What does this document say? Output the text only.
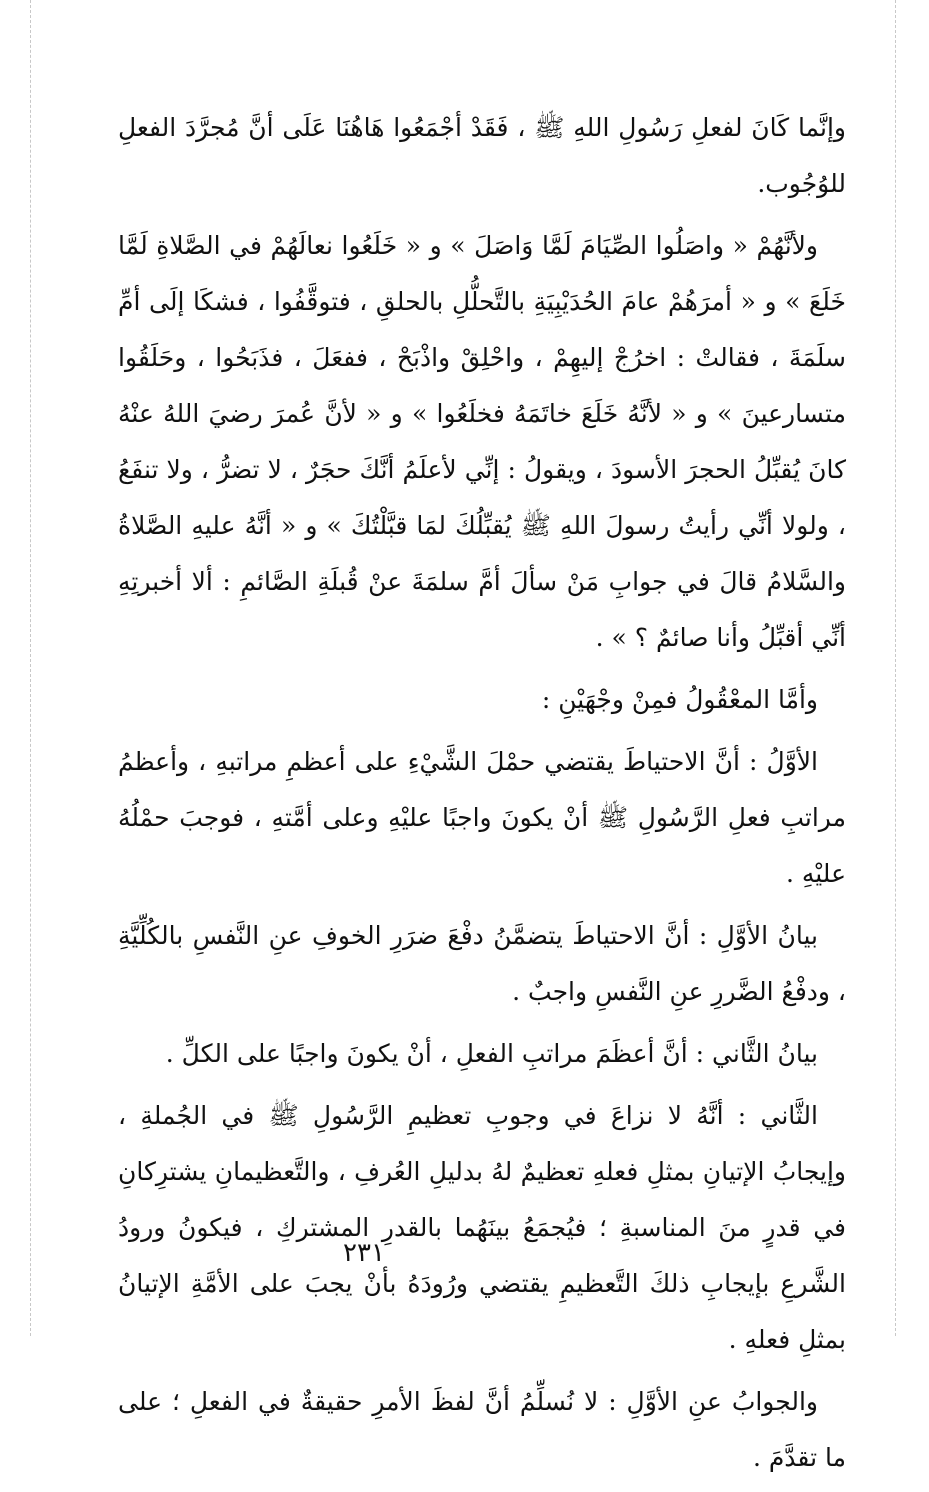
وإنَّما كَانَ لفعلِ رَسُولِ اللهِ ﷺ ، فَقَدْ أجْمَعُوا هَاهُنَا عَلَى أنَّ مُجرَّدَ الفعلِ للوُجُوب.

ولأنَّهُمْ « واصَلُوا الصِّيَامَ لَمَّا وَاصَلَ » و « خَلَعُوا نعالَهُمْ في الصَّلاةِ لَمَّا خَلَعَ » و « أمرَهُمْ عامَ الحُدَيْبِيَةِ بالتَّحلُّلِ بالحلقِ ، فتوقَّفُوا ، فشكَا إلَى أمِّ سلَمَةَ ، فقالتْ : اخرُجْ إليهِمْ ، واحْلِقْ واذْبَحْ ، ففعَلَ ، فذَبَحُوا ، وحَلَقُوا متسارعينَ » و « لأنَّهُ خَلَعَ خاتَمَهُ فخلَعُوا » و « لأنَّ عُمرَ رضيَ اللهُ عنْهُ كانَ يُقبِّلُ الحجرَ الأسودَ ، ويقولُ : إنِّي لأعلَمُ أنَّكَ حجَرٌ ، لا تضرُّ ، ولا تنفَعُ ، ولولا أنِّي رأيتُ رسولَ اللهِ ﷺ يُقبِّلُكَ لمَا قبَّلْتُكَ » و « أنَّهُ عليهِ الصَّلاةُ والسَّلامُ قالَ في جوابِ مَنْ سألَ أمَّ سلمَةَ عنْ قُبلَةِ الصَّائمِ : ألا أخبرتِهِ أنِّي أقبِّلُ وأنا صائمٌ ؟ » .

وأمَّا المعْقُولُ فمِنْ وجْهَيْنِ :

الأوَّلُ : أنَّ الاحتياطَ يقتضي حمْلَ الشَّيْءِ على أعظمِ مراتبهِ ، وأعظمُ مراتبِ فعلِ الرَّسُولِ ﷺ أنْ يكونَ واجبًا عليْهِ وعلى أمَّتهِ ، فوجبَ حمْلُهُ عليْهِ .

بيانُ الأوَّلِ : أنَّ الاحتياطَ يتضمَّنُ دفْعَ ضرَرِ الخوفِ عنِ النَّفسِ بالكُلِّيَّةِ ، ودفْعُ الضَّررِ عنِ النَّفسِ واجبٌ .

بيانُ الثَّاني : أنَّ أعظَمَ مراتبِ الفعلِ ، أنْ يكونَ واجبًا على الكلِّ .

الثَّاني : أنَّهُ لا نزاعَ في وجوبِ تعظيمِ الرَّسُولِ ﷺ في الجُملةِ ، وإيجابُ الإتيانِ بمثلِ فعلهِ تعظيمٌ لهُ بدليلِ العُرفِ ، والتَّعظيمانِ يشترِكانِ في قدرٍ منَ المناسبةِ ؛ فيُجمَعُ بينَهُما بالقدرِ المشتركِ ، فيكونُ ورودُ الشَّرعِ بإيجابِ ذلكَ التَّعظيمِ يقتضي ورُودَهُ بأنْ يجبَ على الأمَّةِ الإتيانُ بمثلِ فعلهِ .

والجوابُ عنِ الأوَّلِ : لا نُسلِّمُ أنَّ لفظَ الأمرِ حقيقةٌ في الفعلِ ؛ على ما تقدَّمَ .

٢٣١
